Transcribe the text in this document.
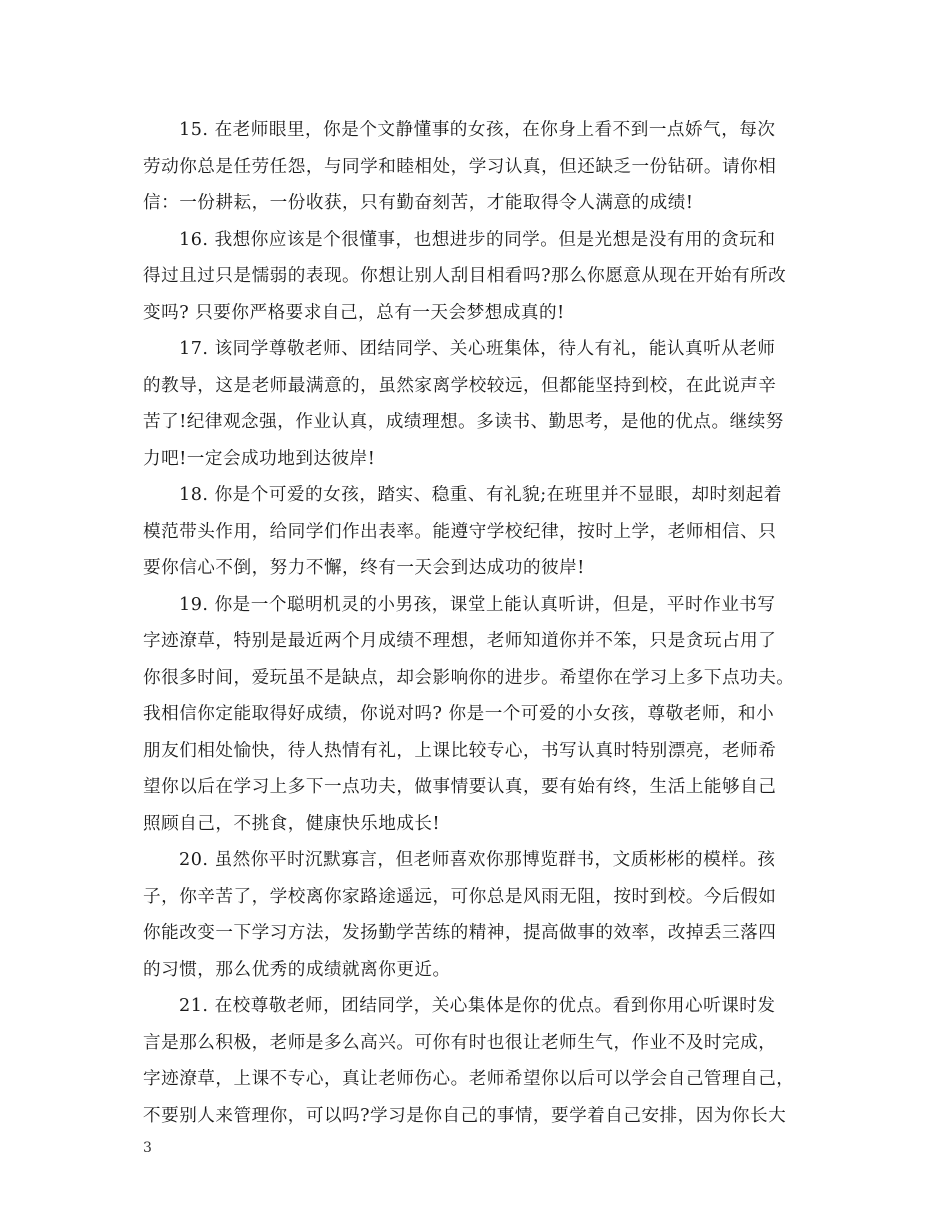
15. 在老师眼里，你是个文静懂事的女孩，在你身上看不到一点娇气，每次
劳动你总是任劳任怨，与同学和睦相处，学习认真，但还缺乏一份钻研。请你相
信：一份耕耘，一份收获，只有勤奋刻苦，才能取得令人满意的成绩!
16. 我想你应该是个很懂事，也想进步的同学。但是光想是没有用的贪玩和
得过且过只是懦弱的表现。你想让别人刮目相看吗?那么你愿意从现在开始有所改
变吗? 只要你严格要求自己，总有一天会梦想成真的!
17. 该同学尊敬老师、团结同学、关心班集体，待人有礼，能认真听从老师
的教导，这是老师最满意的，虽然家离学校较远，但都能坚持到校，在此说声辛
苦了!纪律观念强，作业认真，成绩理想。多读书、勤思考，是他的优点。继续努
力吧!一定会成功地到达彼岸!
18. 你是个可爱的女孩，踏实、稳重、有礼貌;在班里并不显眼，却时刻起着
模范带头作用，给同学们作出表率。能遵守学校纪律，按时上学，老师相信、只
要你信心不倒，努力不懈，终有一天会到达成功的彼岸!
19. 你是一个聪明机灵的小男孩，课堂上能认真听讲，但是，平时作业书写
字迹潦草，特别是最近两个月成绩不理想，老师知道你并不笨，只是贪玩占用了
你很多时间，爱玩虽不是缺点，却会影响你的进步。希望你在学习上多下点功夫。
我相信你定能取得好成绩，你说对吗? 你是一个可爱的小女孩，尊敬老师，和小
朋友们相处愉快，待人热情有礼，上课比较专心，书写认真时特别漂亮，老师希
望你以后在学习上多下一点功夫，做事情要认真，要有始有终，生活上能够自己
照顾自己，不挑食，健康快乐地成长!
20. 虽然你平时沉默寡言，但老师喜欢你那博览群书，文质彬彬的模样。孩
子，你辛苦了，学校离你家路途遥远，可你总是风雨无阻，按时到校。今后假如
你能改变一下学习方法，发扬勤学苦练的精神，提高做事的效率，改掉丢三落四
的习惯，那么优秀的成绩就离你更近。
21. 在校尊敬老师，团结同学，关心集体是你的优点。看到你用心听课时发
言是那么积极，老师是多么高兴。可你有时也很让老师生气，作业不及时完成，
字迹潦草，上课不专心，真让老师伤心。老师希望你以后可以学会自己管理自己，
不要别人来管理你，可以吗?学习是你自己的事情，要学着自己安排，因为你长大
3
